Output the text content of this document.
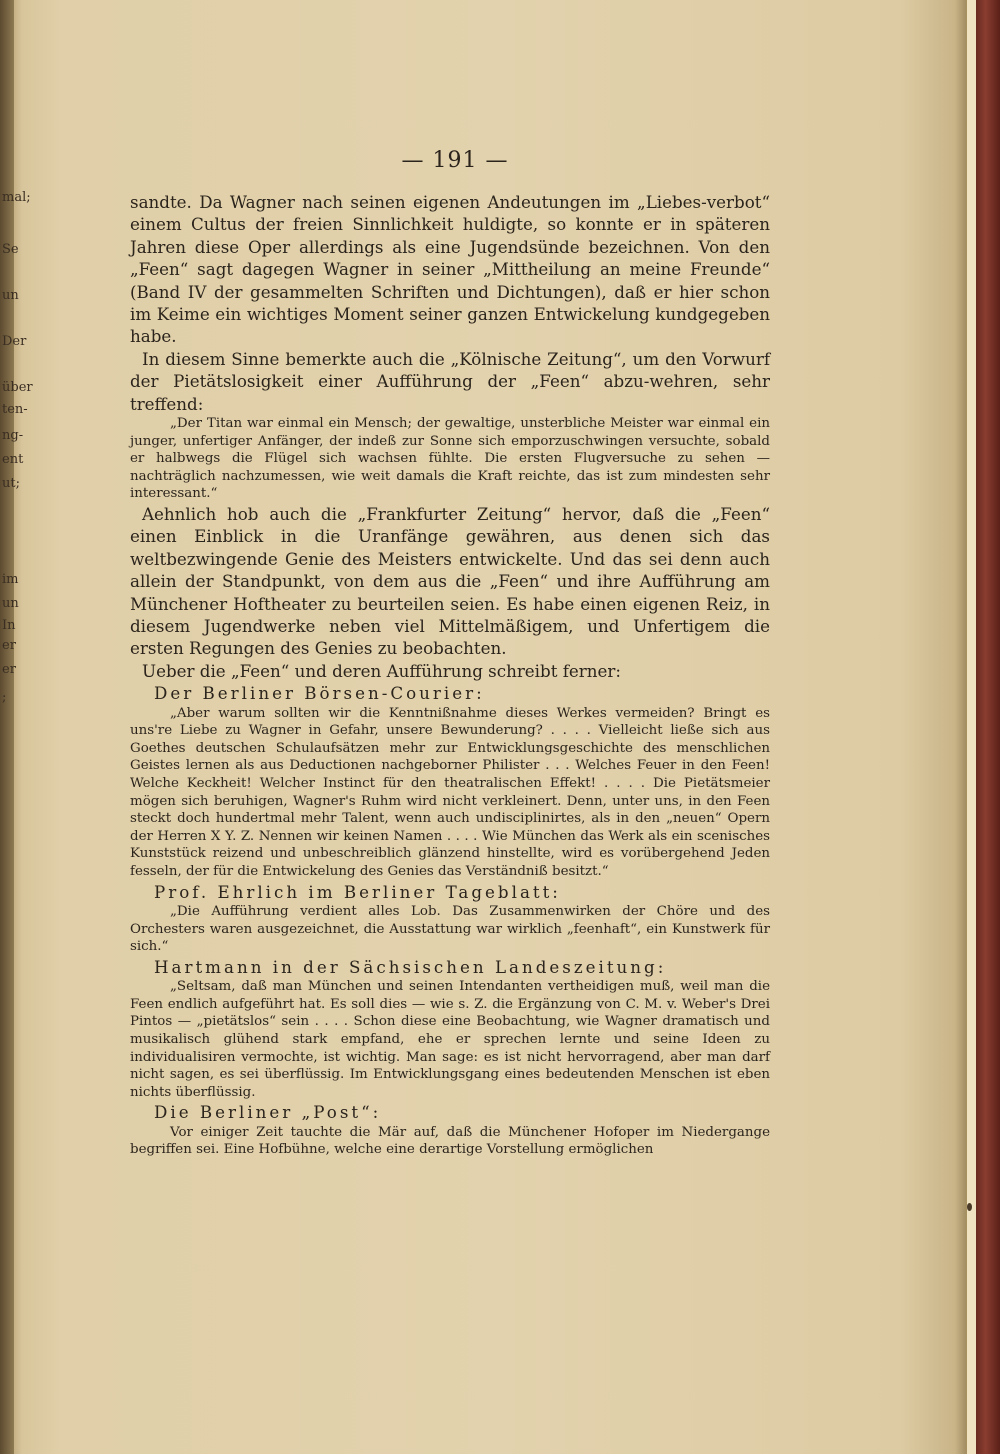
mal;
Se
un
Der
über
ten-
ng-
ent
ut;
im
un
In
er
er
;
— 191 —

sandte. Da Wagner nach seinen eigenen Andeutungen im „Liebes-verbot“ einem Cultus der freien Sinnlichkeit huldigte, so konnte er in späteren Jahren diese Oper allerdings als eine Jugendsünde bezeichnen. Von den „Feen“ sagt dagegen Wagner in seiner „Mittheilung an meine Freunde“ (Band IV der gesammelten Schriften und Dichtungen), daß er hier schon im Keime ein wichtiges Moment seiner ganzen Entwickelung kundgegeben habe.

In diesem Sinne bemerkte auch die „Kölnische Zeitung“, um den Vorwurf der Pietätslosigkeit einer Aufführung der „Feen“ abzu-wehren, sehr treffend:

„Der Titan war einmal ein Mensch; der gewaltige, unsterbliche Meister war einmal ein junger, unfertiger Anfänger, der indeß zur Sonne sich emporzuschwingen versuchte, sobald er halbwegs die Flügel sich wachsen fühlte. Die ersten Flugversuche zu sehen — nachträglich nachzumessen, wie weit damals die Kraft reichte, das ist zum mindesten sehr interessant.“

Aehnlich hob auch die „Frankfurter Zeitung“ hervor, daß die „Feen“ einen Einblick in die Uranfänge gewähren, aus denen sich das weltbezwingende Genie des Meisters entwickelte. Und das sei denn auch allein der Standpunkt, von dem aus die „Feen“ und ihre Aufführung am Münchener Hoftheater zu beurteilen seien. Es habe einen eigenen Reiz, in diesem Jugendwerke neben viel Mittelmäßigem, und Unfertigem die ersten Regungen des Genies zu beobachten.

Ueber die „Feen“ und deren Aufführung schreibt ferner:

Der Berliner Börsen-Courier:

„Aber warum sollten wir die Kenntnißnahme dieses Werkes vermeiden? Bringt es uns're Liebe zu Wagner in Gefahr, unsere Bewunderung? . . . . Vielleicht ließe sich aus Goethes deutschen Schulaufsätzen mehr zur Entwicklungsgeschichte des menschlichen Geistes lernen als aus Deductionen nachgeborner Philister . . . Welches Feuer in den Feen! Welche Keckheit! Welcher Instinct für den theatralischen Effekt! . . . . Die Pietätsmeier mögen sich beruhigen, Wagner's Ruhm wird nicht verkleinert. Denn, unter uns, in den Feen steckt doch hundertmal mehr Talent, wenn auch undisciplinirtes, als in den „neuen“ Opern der Herren X Y. Z. Nennen wir keinen Namen . . . . Wie München das Werk als ein scenisches Kunststück reizend und unbeschreiblich glänzend hinstellte, wird es vorübergehend Jeden fesseln, der für die Entwickelung des Genies das Verständniß besitzt.“

Prof. Ehrlich im Berliner Tageblatt:

„Die Aufführung verdient alles Lob. Das Zusammenwirken der Chöre und des Orchesters waren ausgezeichnet, die Ausstattung war wirklich „feenhaft“, ein Kunstwerk für sich.“

Hartmann in der Sächsischen Landeszeitung:

„Seltsam, daß man München und seinen Intendanten vertheidigen muß, weil man die Feen endlich aufgeführt hat. Es soll dies — wie s. Z. die Ergänzung von C. M. v. Weber's Drei Pintos — „pietätslos“ sein . . . . Schon diese eine Beobachtung, wie Wagner dramatisch und musikalisch glühend stark empfand, ehe er sprechen lernte und seine Ideen zu individualisiren vermochte, ist wichtig. Man sage: es ist nicht hervorragend, aber man darf nicht sagen, es sei überflüssig. Im Entwicklungsgang eines bedeutenden Menschen ist eben nichts überflüssig.

Die Berliner „Post“:

Vor einiger Zeit tauchte die Mär auf, daß die Münchener Hofoper im Niedergange begriffen sei. Eine Hofbühne, welche eine derartige Vorstellung ermöglichen
